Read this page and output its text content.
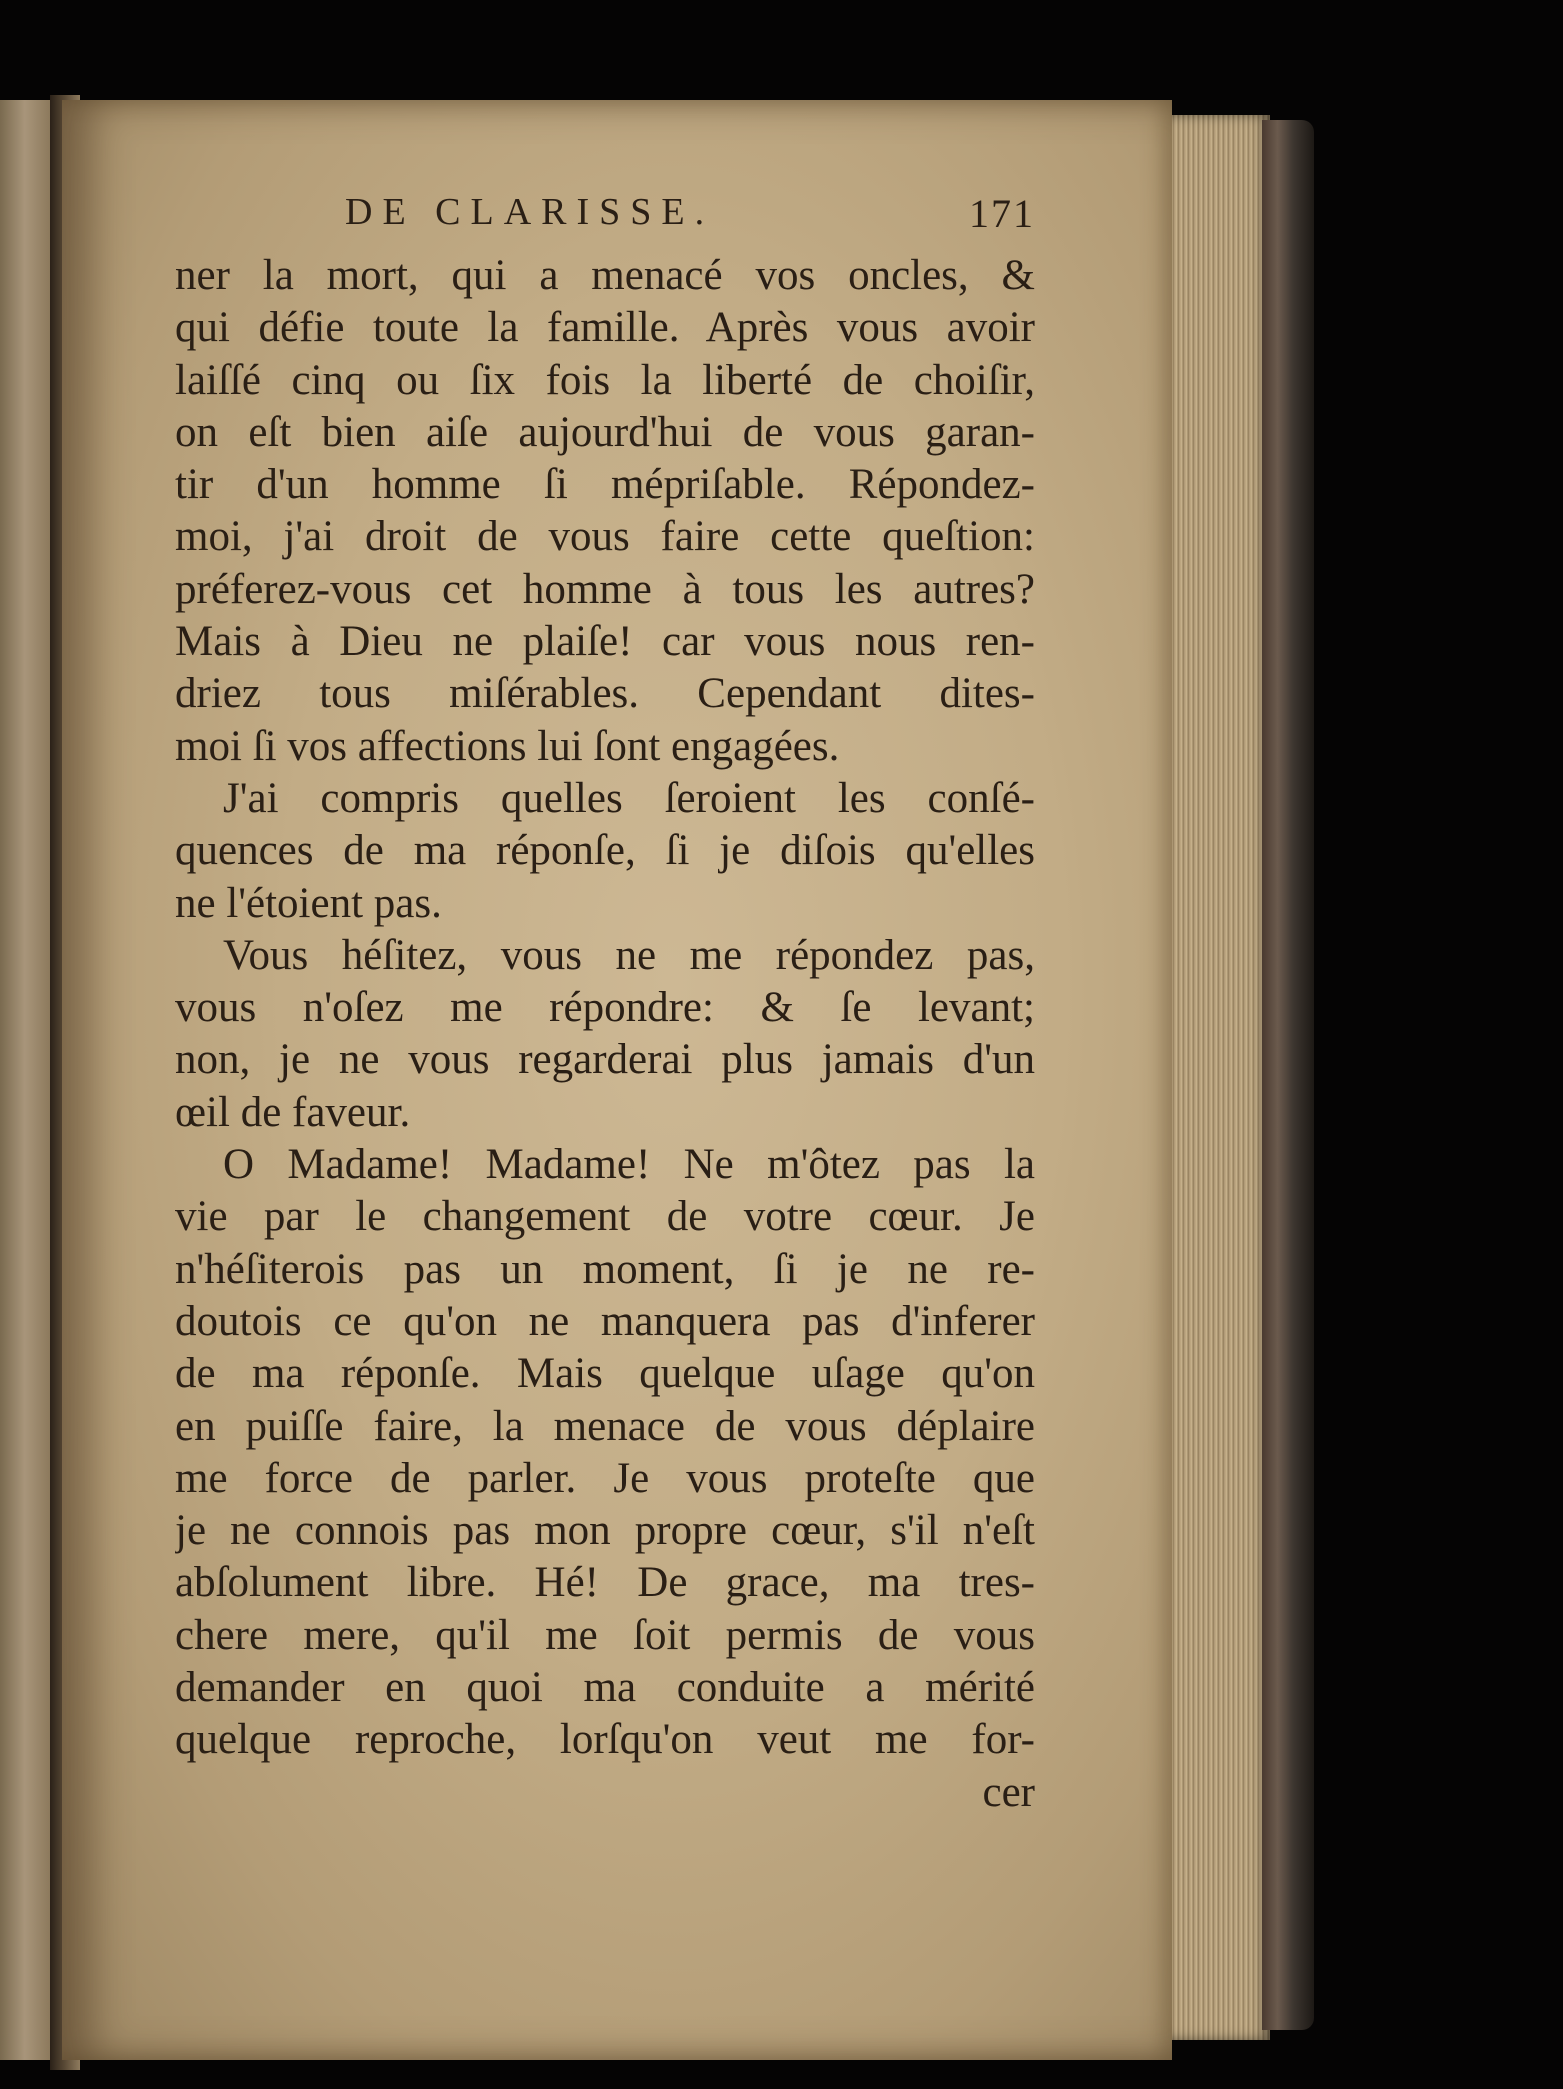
DE CLARISSE.	171
ner la mort, qui a menacé vos oncles, &
qui défie toute la famille. Après vous avoir
laiſſé cinq ou ſix fois la liberté de choiſir,
on eſt bien aiſe aujourd'hui de vous garan-
tir d'un homme ſi mépriſable. Répondez-
moi, j'ai droit de vous faire cette queſtion:
préferez-vous cet homme à tous les autres?
Mais à Dieu ne plaiſe! car vous nous ren-
driez tous miſérables. Cependant dites-
moi ſi vos affections lui ſont engagées.
J'ai compris quelles ſeroient les conſé-
quences de ma réponſe, ſi je diſois qu'elles
ne l'étoient pas.
Vous héſitez, vous ne me répondez pas,
vous n'oſez me répondre: & ſe levant;
non, je ne vous regarderai plus jamais d'un
œil de faveur.
O Madame! Madame! Ne m'ôtez pas la
vie par le changement de votre cœur. Je
n'héſiterois pas un moment, ſi je ne re-
doutois ce qu'on ne manquera pas d'inferer
de ma réponſe. Mais quelque uſage qu'on
en puiſſe faire, la menace de vous déplaire
me force de parler. Je vous proteſte que
je ne connois pas mon propre cœur, s'il n'eſt
abſolument libre. Hé! De grace, ma tres-
chere mere, qu'il me ſoit permis de vous
demander en quoi ma conduite a mérité
quelque reproche, lorſqu'on veut me for-
cer
